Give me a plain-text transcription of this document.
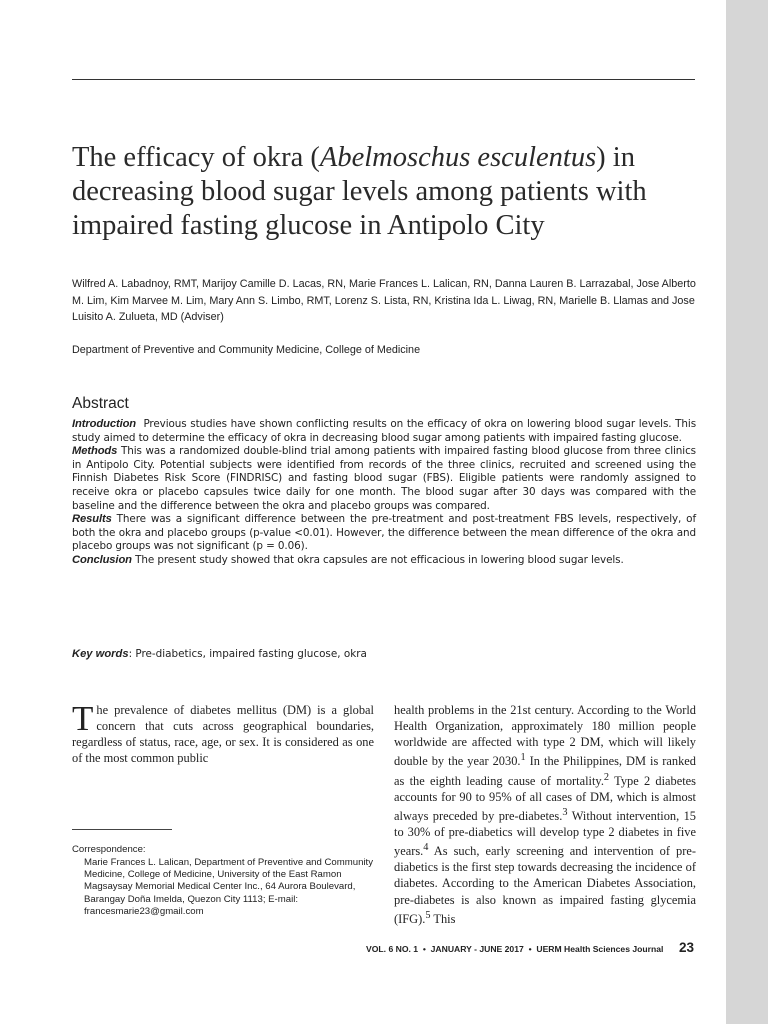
The efficacy of okra (Abelmoschus esculentus) in decreasing blood sugar levels among patients with impaired fasting glucose in Antipolo City

Wilfred A. Labadnoy, RMT, Marijoy Camille D. Lacas, RN, Marie Frances L. Lalican, RN, Danna Lauren B. Larrazabal, Jose Alberto M. Lim, Kim Marvee M. Lim, Mary Ann S. Limbo, RMT, Lorenz S. Lista, RN, Kristina Ida L. Liwag, RN, Marielle B. Llamas and Jose Luisito A. Zulueta, MD (Adviser)

Department of Preventive and Community Medicine, College of Medicine

Abstract

Introduction Previous studies have shown conflicting results on the efficacy of okra on lowering blood sugar levels. This study aimed to determine the efficacy of okra in decreasing blood sugar among patients with impaired fasting glucose.

Methods This was a randomized double-blind trial among patients with impaired fasting blood glucose from three clinics in Antipolo City. Potential subjects were identified from records of the three clinics, recruited and screened using the Finnish Diabetes Risk Score (FINDRISC) and fasting blood sugar (FBS). Eligible patients were randomly assigned to receive okra or placebo capsules twice daily for one month. The blood sugar after 30 days was compared with the baseline and the difference between the okra and placebo groups was compared.

Results There was a significant difference between the pre-treatment and post-treatment FBS levels, respectively, of both the okra and placebo groups (p-value <0.01). However, the difference between the mean difference of the okra and placebo groups was not significant (p = 0.06).

Conclusion The present study showed that okra capsules are not efficacious in lowering blood sugar levels.

Key words: Pre-diabetics, impaired fasting glucose, okra

The prevalence of diabetes mellitus (DM) is a global concern that cuts across geographical boundaries, regardless of status, race, age, or sex. It is considered as one of the most common public

health problems in the 21st century. According to the World Health Organization, approximately 180 million people worldwide are affected with type 2 DM, which will likely double by the year 2030.$^1$ In the Philippines, DM is ranked as the eighth leading cause of mortality.$^2$ Type 2 diabetes accounts for 90 to 95% of all cases of DM, which is almost always preceded by pre-diabetes.$^3$ Without intervention, 15 to 30% of pre-diabetics will develop type 2 diabetes in five years.$^4$ As such, early screening and intervention of pre-diabetics is the first step towards decreasing the incidence of diabetes. According to the American Diabetes Association, pre-diabetes is also known as impaired fasting glycemia (IFG).$^5$ This

Correspondence:

Marie Frances L. Lalican, Department of Preventive and Community Medicine, College of Medicine, University of the East Ramon Magsaysay Memorial Medical Center Inc., 64 Aurora Boulevard, Barangay Doña Imelda, Quezon City 1113; E-mail: francesmarie23@gmail.com

VOL. 6 NO. 1 • JANUARY - JUNE 2017 • UERM Health Sciences Journal	23
